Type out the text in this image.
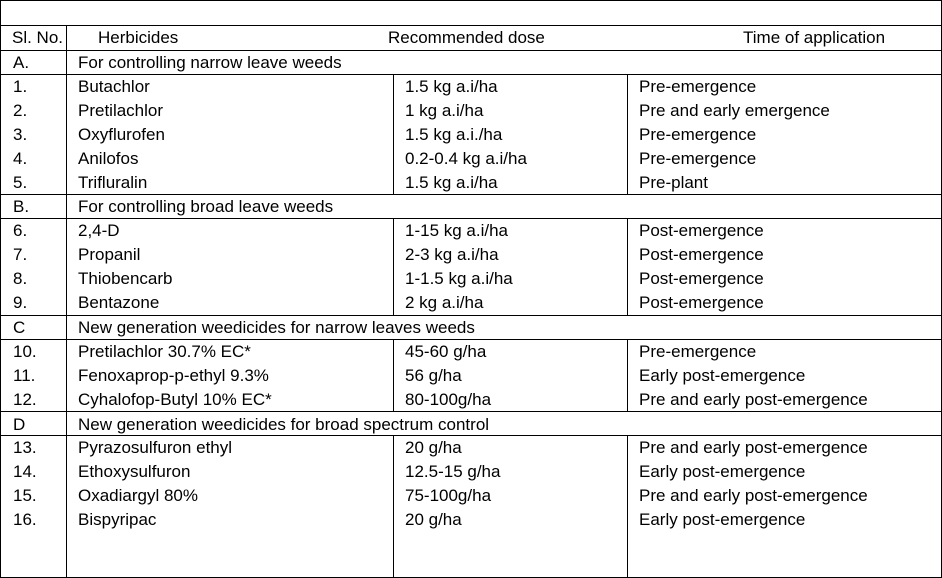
Sl. No. Herbicides	Recommended dose	Time of application
A.	For controlling narrow leave weeds
1.	Butachlor	1.5 kg a.i/ha	Pre-emergence
2.	Pretilachlor	1 kg a.i/ha	Pre and early emergence
3.	Oxyflurofen	1.5 kg a.i./ha	Pre-emergence
4.	Anilofos	0.2-0.4 kg a.i/ha	Pre-emergence
5.	Trifluralin	1.5 kg a.i/ha	Pre-plant
B.	For controlling broad leave weeds
6.	2,4-D	1-15 kg a.i/ha	Post-emergence
7.	Propanil	2-3 kg a.i/ha	Post-emergence
8.	Thiobencarb	1-1.5 kg a.i/ha	Post-emergence
9.	Bentazone	2 kg a.i/ha	Post-emergence
C	New generation weedicides for narrow leaves weeds
10. Pretilachlor 30.7% EC*	45-60 g/ha	Pre-emergence
11.	Fenoxaprop-p-ethyl 9.3%	56 g/ha	Early post-emergence
12. Cyhalofop-Butyl 10% EC*	80-100g/ha	Pre and early post-emergence
D	New generation weedicides for broad spectrum control
13. Pyrazosulfuron ethyl	20 g/ha	Pre and early post-emergence
14. Ethoxysulfuron	12.5-15 g/ha	Early post-emergence
15. Oxadiargyl 80%	75-100g/ha	Pre and early post-emergence
16. Bispyripac	20 g/ha	Early post-emergence
